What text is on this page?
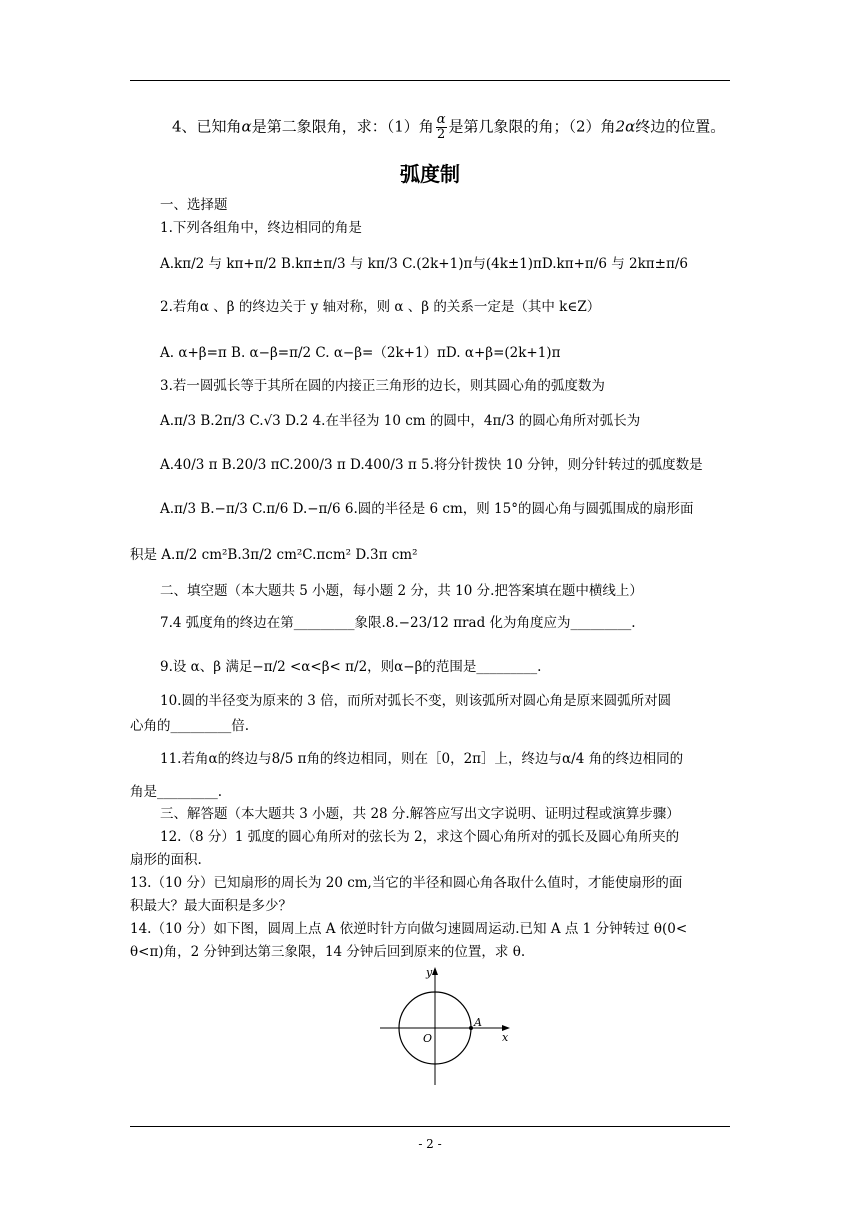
4、已知角α是第二象限角，求：（1）角 $\frac{\alpha}{2}$ 是第几象限的角；（2）角2α终边的位置。
弧度制
一、选择题
1.下列各组角中，终边相同的角是
A.kπ/2 与 kπ+π/2 B.kπ±π/3 与 kπ/3 C.(2k+1)π与(4k±1)πD.kπ+π/6 与 2kπ±π/6
2.若角α 、β 的终边关于 y 轴对称，则 α 、β 的关系一定是（其中 k∈Z）
A. α+β=π B. α−β=π/2 C. α−β=（2k+1）πD. α+β=(2k+1)π
3.若一圆弧长等于其所在圆的内接正三角形的边长，则其圆心角的弧度数为
A.π/3 B.2π/3 C.√3 D.2 4.在半径为 10 cm 的圆中，4π/3 的圆心角所对弧长为
A.40/3 π B.20/3 πC.200/3 π D.400/3 π 5.将分针拨快 10 分钟，则分针转过的弧度数是
A.π/3 B.−π/3 C.π/6 D.−π/6 6.圆的半径是 6 cm，则 15°的圆心角与圆弧围成的扇形面
积是 A.π/2 cm²B.3π/2 cm²C.πcm² D.3π cm²
二、填空题（本大题共 5 小题，每小题 2 分，共 10 分.把答案填在题中横线上）
7.4 弧度角的终边在第_________象限.8.−23/12 πrad 化为角度应为_________.
9.设 α、β 满足−π/2 <α<β< π/2，则α−β的范围是_________.
10.圆的半径变为原来的 3 倍，而所对弧长不变，则该弧所对圆心角是原来圆弧所对圆
心角的_________倍.
11.若角α的终边与8/5 π角的终边相同，则在［0，2π］上，终边与α/4 角的终边相同的
角是_________.
三、解答题（本大题共 3 小题，共 28 分.解答应写出文字说明、证明过程或演算步骤）
12.（8 分）1 弧度的圆心角所对的弦长为 2，求这个圆心角所对的弧长及圆心角所夹的
扇形的面积.
13.（10 分）已知扇形的周长为 20 cm,当它的半径和圆心角各取什么值时，才能使扇形的面
积最大？最大面积是多少？
14.（10 分）如下图，圆周上点 A 依逆时针方向做匀速圆周运动.已知 A 点 1 分钟转过 θ(0<
θ<π)角，2 分钟到达第三象限，14 分钟后回到原来的位置，求 θ.
y
x
O
A
- 2 -
